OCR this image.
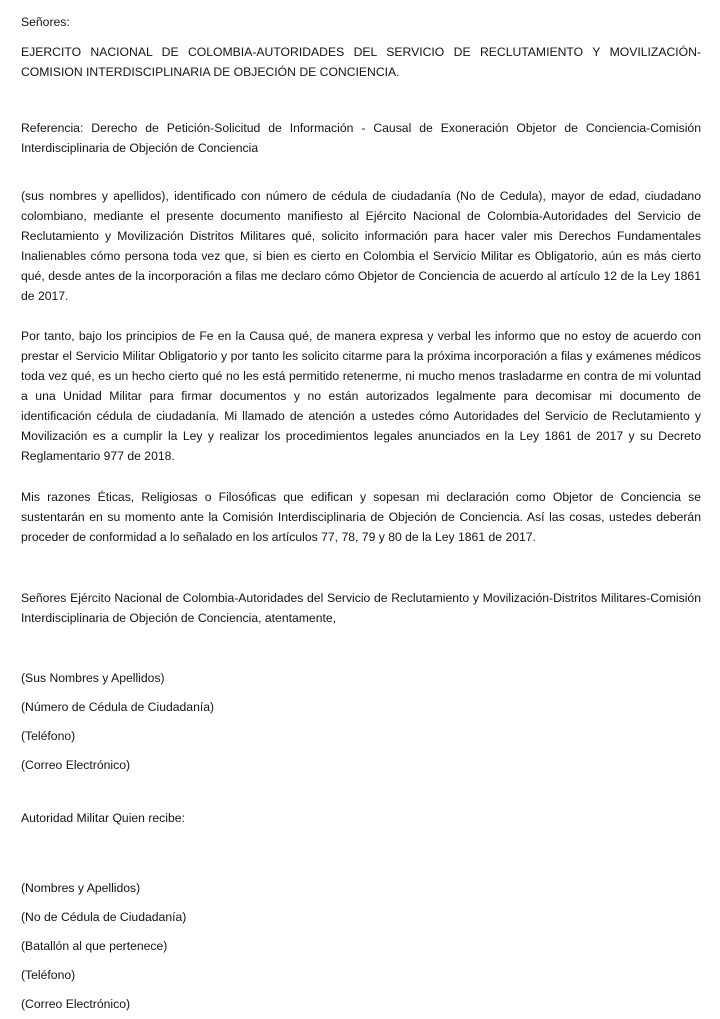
Señores:

EJERCITO NACIONAL DE COLOMBIA-AUTORIDADES DEL SERVICIO DE RECLUTAMIENTO Y MOVILIZACIÓN-COMISION INTERDISCIPLINARIA DE OBJECIÓN DE CONCIENCIA.

Referencia: Derecho de Petición-Solicitud de Información - Causal de Exoneración Objetor de Conciencia-Comisión Interdisciplinaria de Objeción de Conciencia

(sus nombres y apellidos), identificado con número de cédula de ciudadanía (No de Cedula), mayor de edad, ciudadano colombiano, mediante el presente documento manifiesto al Ejército Nacional de Colombia-Autoridades del Servicio de Reclutamiento y Movilización Distritos Militares qué, solicito información para hacer valer mis Derechos Fundamentales Inalienables cómo persona toda vez que, si bien es cierto en Colombia el Servicio Militar es Obligatorio, aún es más cierto qué, desde antes de la incorporación a filas me declaro cómo Objetor de Conciencia de acuerdo al artículo 12 de la Ley 1861 de 2017.

Por tanto, bajo los principios de Fe en la Causa qué, de manera expresa y verbal les informo que no estoy de acuerdo con prestar el Servicio Militar Obligatorio y por tanto les solicito citarme para la próxima incorporación a filas y exámenes médicos toda vez qué, es un hecho cierto qué no les está permitido retenerme, ni mucho menos trasladarme en contra de mi voluntad a una Unidad Militar para firmar documentos y no están autorizados legalmente para decomisar mi documento de identificación cédula de ciudadanía. Mi llamado de atención a ustedes cómo Autoridades del Servicio de Reclutamiento y Movilización es a cumplir la Ley y realizar los procedimientos legales anunciados en la Ley 1861 de 2017 y su Decreto Reglamentario 977 de 2018.

Mis razones Éticas, Religiosas o Filosóficas que edifican y sopesan mi declaración como Objetor de Conciencia se sustentarán en su momento ante la Comisión Interdisciplinaria de Objeción de Conciencia. Así las cosas, ustedes deberán proceder de conformidad a lo señalado en los artículos 77, 78, 79 y 80 de la Ley 1861 de 2017.

Señores Ejército Nacional de Colombia-Autoridades del Servicio de Reclutamiento y Movilización-Distritos Militares-Comisión Interdisciplinaria de Objeción de Conciencia, atentamente,

(Sus Nombres y Apellidos)
(Número de Cédula de Ciudadanía)
(Teléfono)
(Correo Electrónico)
Autoridad Militar Quien recibe:
(Nombres y Apellidos)
(No de Cédula de Ciudadanía)
(Batallón al que pertenece)
(Teléfono)
(Correo Electrónico)
